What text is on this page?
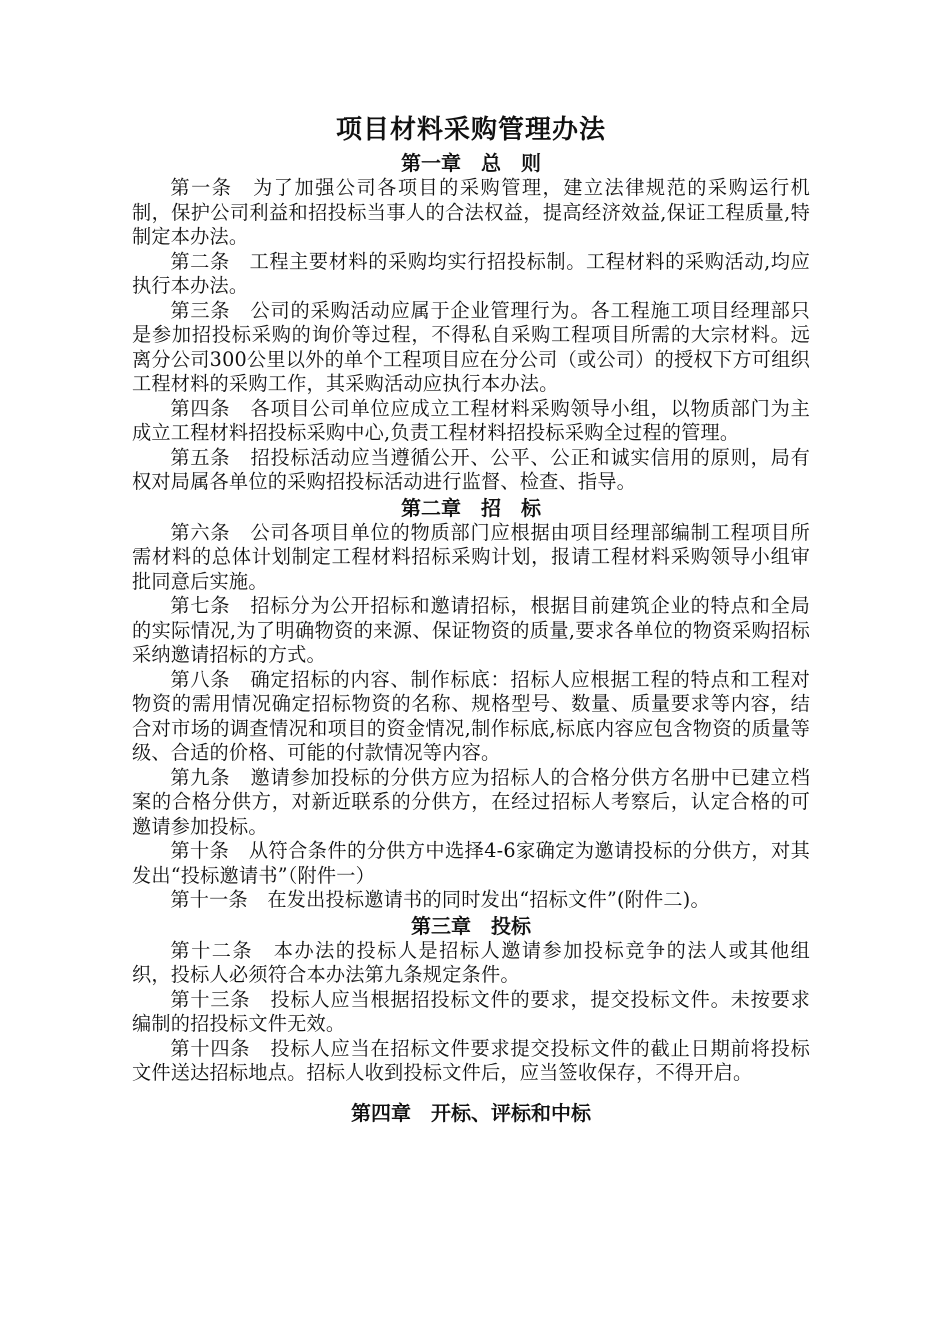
项目材料采购管理办法
第一章　总　则

第一条　 为了加强公司各项目的采购管理，建立法律规范的采购运行机制，保护公司利益和招投标当事人的合法权益，提高经济效益,保证工程质量,特制定本办法。

第二条　 工程主要材料的采购均实行招投标制。工程材料的采购活动,均应执行本办法。

第三条　 公司的采购活动应属于企业管理行为。各工程施工项目经理部只是参加招投标采购的询价等过程，不得私自采购工程项目所需的大宗材料。远离分公司300公里以外的单个工程项目应在分公司（或公司）的授权下方可组织工程材料的采购工作，其采购活动应执行本办法。

第四条　 各项目公司单位应成立工程材料采购领导小组，以物质部门为主成立工程材料招投标采购中心,负责工程材料招投标采购全过程的管理。

第五条　 招投标活动应当遵循公开、公平、公正和诚实信用的原则，局有权对局属各单位的采购招投标活动进行监督、检查、指导。

第二章　招　标

第六条　 公司各项目单位的物质部门应根据由项目经理部编制工程项目所需材料的总体计划制定工程材料招标采购计划，报请工程材料采购领导小组审批同意后实施。

第七条　 招标分为公开招标和邀请招标，根据目前建筑企业的特点和全局的实际情况,为了明确物资的来源、保证物资的质量,要求各单位的物资采购招标采纳邀请招标的方式。

第八条　 确定招标的内容、制作标底：招标人应根据工程的特点和工程对物资的需用情况确定招标物资的名称、规格型号、数量、质量要求等内容，结合对市场的调查情况和项目的资金情况,制作标底,标底内容应包含物资的质量等级、合适的价格、可能的付款情况等内容。

第九条　 邀请参加投标的分供方应为招标人的合格分供方名册中已建立档案的合格分供方，对新近联系的分供方，在经过招标人考察后，认定合格的可邀请参加投标。

第十条　 从符合条件的分供方中选择4-6家确定为邀请投标的分供方，对其发出“投标邀请书”（附件一）

第十一条　 在发出投标邀请书的同时发出“招标文件”(附件二)。

第三章　投标

第十二条　 本办法的投标人是招标人邀请参加投标竞争的法人或其他组织，投标人必须符合本办法第九条规定条件。

第十三条　 投标人应当根据招投标文件的要求，提交投标文件。未按要求编制的招投标文件无效。

第十四条　 投标人应当在招标文件要求提交投标文件的截止日期前将投标文件送达招标地点。招标人收到投标文件后，应当签收保存，不得开启。

第四章　开标、评标和中标
